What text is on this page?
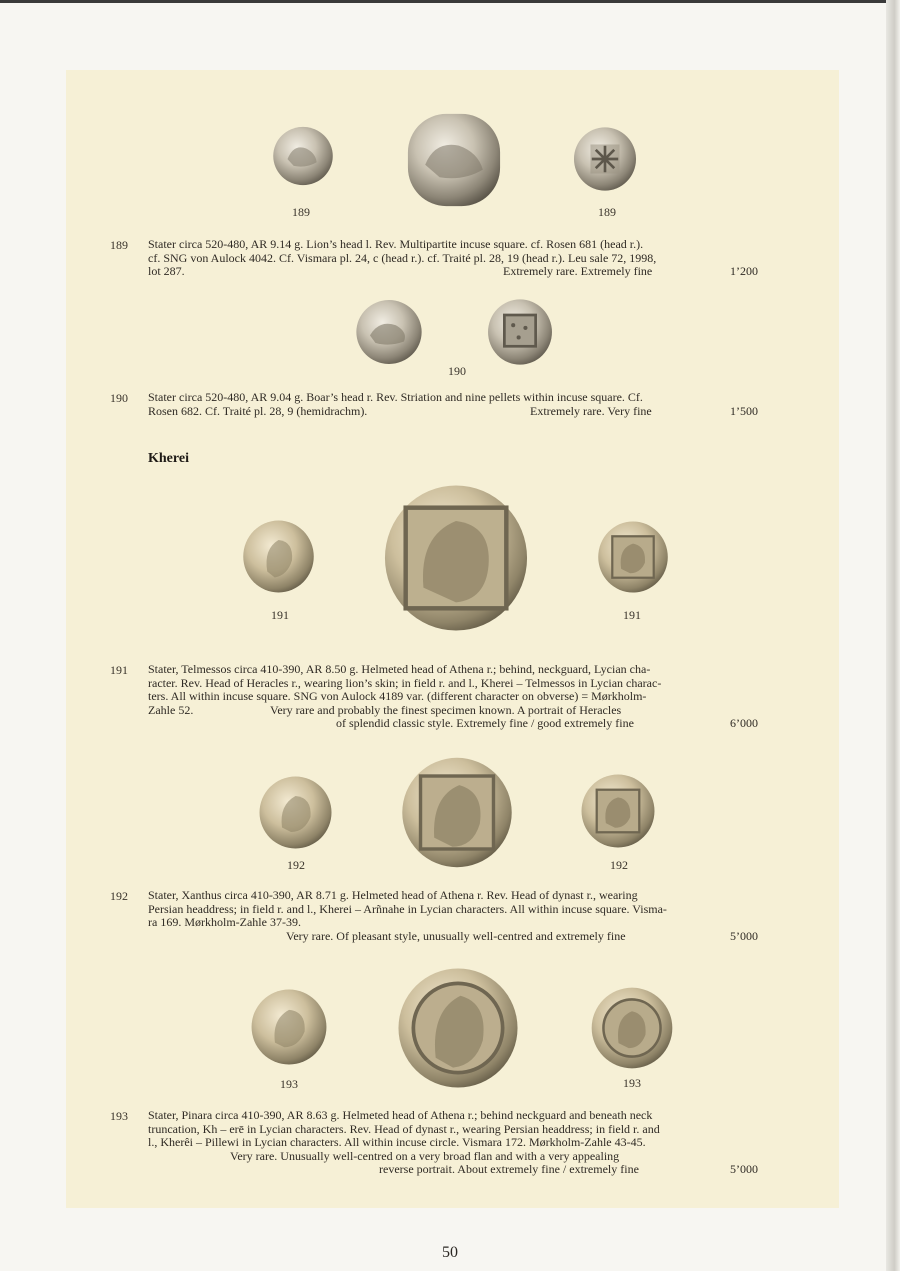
189	189
189 Stater circa 520-480, AR 9.14 g. Lion’s head l. Rev. Multipartite incuse square. cf. Rosen 681 (head r.).
cf. SNG von Aulock 4042. Cf. Vismara pl. 24, c (head r.). cf. Traité pl. 28, 19 (head r.). Leu sale 72, 1998,
lot 287.	Extremely rare. Extremely fine	1’200
190
190 Stater circa 520-480, AR 9.04 g. Boar’s head r. Rev. Striation and nine pellets within incuse square. Cf.
Rosen 682. Cf. Traité pl. 28, 9 (hemidrachm).	Extremely rare. Very fine	1’500
Kherei
191	191
191 Stater, Telmessos circa 410-390, AR 8.50 g. Helmeted head of Athena r.; behind, neckguard, Lycian cha-
racter. Rev. Head of Heracles r., wearing lion’s skin; in field r. and l., Kherei – Telmessos in Lycian charac-
ters. All within incuse square. SNG von Aulock 4189 var. (different character on obverse) = Mørkholm-
Zahle 52.	Very rare and probably the finest specimen known. A portrait of Heracles

of splendid classic style. Extremely fine / good extremely fine	6’000
192	192
192 Stater, Xanthus circa 410-390, AR 8.71 g. Helmeted head of Athena r. Rev. Head of dynast r., wearing
Persian headdress; in field r. and l., Kherei – Arñnahe in Lycian characters. All within incuse square. Visma-
ra 169. Mørkholm-Zahle 37-39.

Very rare. Of pleasant style, unusually well-centred and extremely fine	5’000
193	193
193 Stater, Pinara circa 410-390, AR 8.63 g. Helmeted head of Athena r.; behind neckguard and beneath neck
truncation, Kh – erē in Lycian characters. Rev. Head of dynast r., wearing Persian headdress; in field r. and
l., Kherêi – Pillewi in Lycian characters. All within incuse circle. Vismara 172. Mørkholm-Zahle 43-45.

Very rare. Unusually well-centred on a very broad flan and with a very appealing

reverse portrait. About extremely fine / extremely fine	5’000
50
